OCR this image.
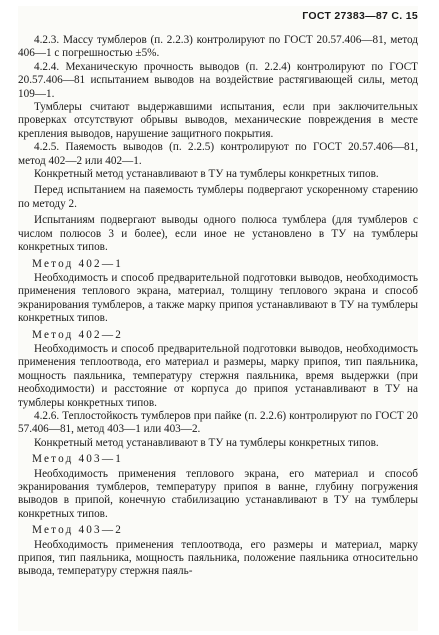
ГОСТ 27383—87 С. 15

4.2.3. Массу тумблеров (п. 2.2.3) контролируют по ГОСТ 20.57.406—81, метод 406—1 с погрешностью ±5%.

4.2.4. Механическую прочность выводов (п. 2.2.4) контролируют по ГОСТ 20.57.406—81 испытанием выводов на воздействие растягивающей силы, метод 109—1.

Тумблеры считают выдержавшими испытания, если при заключительных проверках отсутствуют обрывы выводов, механические повреждения в месте крепления выводов, нарушение защитного покрытия.

4.2.5. Паяемость выводов (п. 2.2.5) контролируют по ГОСТ 20.57.406—81, метод 402—2 или 402—1.

Конкретный метод устанавливают в ТУ на тумблеры конкретных типов.

Перед испытанием на паяемость тумблеры подвергают ускоренному старению по методу 2.

Испытаниям подвергают выводы одного полюса тумблера (для тумблеров с числом полюсов 3 и более), если иное не установлено в ТУ на тумблеры конкретных типов.

Метод 402—1

Необходимость и способ предварительной подготовки выводов, необходимость применения теплового экрана, материал, толщину теплового экрана и способ экранирования тумблеров, а также марку припоя устанавливают в ТУ на тумблеры конкретных типов.

Метод 402—2

Необходимость и способ предварительной подготовки выводов, необходимость применения теплоотвода, его материал и размеры, марку припоя, тип паяльника, мощность паяльника, температуру стержня паяльника, время выдержки (при необходимости) и расстояние от корпуса до припоя устанавливают в ТУ на тумблеры конкретных типов.

4.2.6. Теплостойкость тумблеров при пайке (п. 2.2.6) контролируют по ГОСТ 20 57.406—81, метод 403—1 или 403—2.

Конкретный метод устанавливают в ТУ на тумблеры конкретных типов.

Метод 403—1

Необходимость применения теплового экрана, его материал и способ экранирования тумблеров, температуру припоя в ванне, глубину погружения выводов в припой, конечную стабилизацию устанавливают в ТУ на тумблеры конкретных типов.

Метод 403—2

Необходимость применения теплоотвода, его размеры и материал, марку припоя, тип паяльника, мощность паяльника, положение паяльника относительно вывода, температуру стержня паяль-
